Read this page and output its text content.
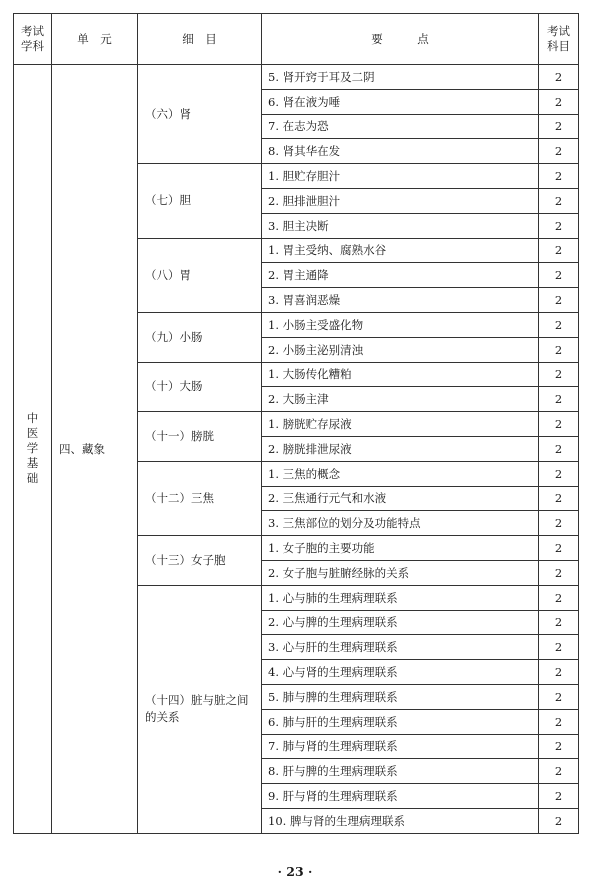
考试学科	单　元	细　目	要　　　点	考试科目
中医学基础	四、藏象	（六）肾	5. 肾开窍于耳及二阴	2
			6. 肾在液为唾	2
			7. 在志为恐	2
			8. 肾其华在发	2
		（七）胆	1. 胆贮存胆汁	2
			2. 胆排泄胆汁	2
			3. 胆主决断	2
		（八）胃	1. 胃主受纳、腐熟水谷	2
			2. 胃主通降	2
			3. 胃喜润恶燥	2
		（九）小肠	1. 小肠主受盛化物	2
			2. 小肠主泌别清浊	2
		（十）大肠	1. 大肠传化糟粕	2
			2. 大肠主津	2
		（十一）膀胱	1. 膀胱贮存尿液	2
			2. 膀胱排泄尿液	2
		（十二）三焦	1. 三焦的概念	2
			2. 三焦通行元气和水液	2
			3. 三焦部位的划分及功能特点	2
		（十三）女子胞	1. 女子胞的主要功能	2
			2. 女子胞与脏腑经脉的关系	2
		（十四）脏与脏之间的关系	1. 心与肺的生理病理联系	2
			2. 心与脾的生理病理联系	2
			3. 心与肝的生理病理联系	2
			4. 心与肾的生理病理联系	2
			5. 肺与脾的生理病理联系	2
			6. 肺与肝的生理病理联系	2
			7. 肺与肾的生理病理联系	2
			8. 肝与脾的生理病理联系	2
			9. 肝与肾的生理病理联系	2
			10. 脾与肾的生理病理联系	2
· 23 ·
